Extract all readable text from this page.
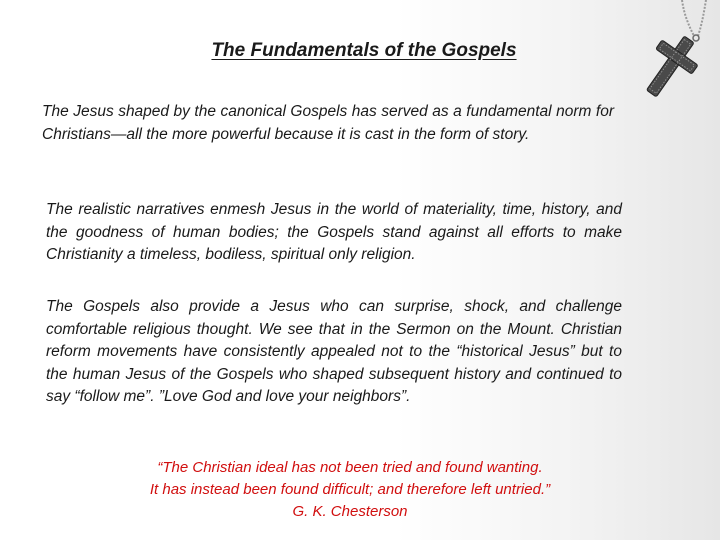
The Fundamentals of the Gospels

The Jesus shaped by the canonical Gospels has served as a fundamental norm for Christians—all the more powerful because it is cast in the form of story.

The realistic narratives enmesh Jesus in the world of materiality, time, history, and the goodness of human bodies; the Gospels stand against all efforts to make Christianity a timeless, bodiless, spiritual only religion.

The Gospels also provide a Jesus who can surprise, shock, and challenge comfortable religious thought. We see that in the Sermon on the Mount. Christian reform movements have consistently appealed not to the “historical Jesus” but to the human Jesus of the Gospels who shaped subsequent history and continued to say “follow me”. ”Love God and love your neighbors”.

“The Christian ideal has not been tried and found wanting.
It has instead been found difficult; and therefore left untried.”
G. K. Chesterson
